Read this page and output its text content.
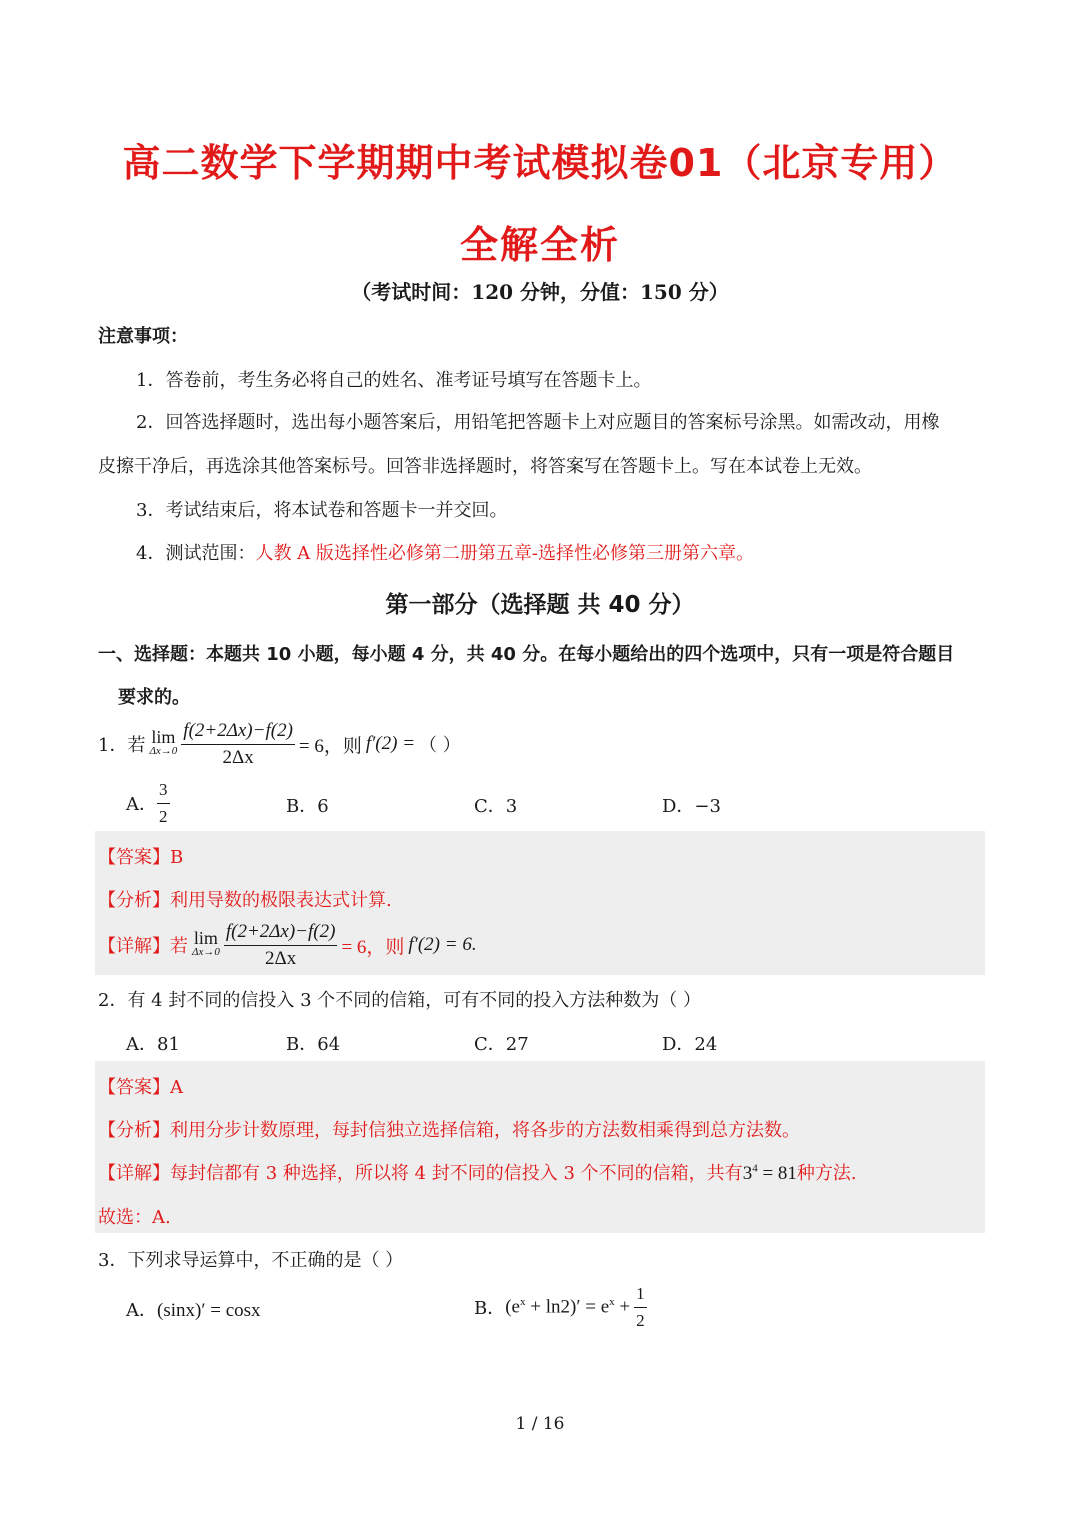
高二数学下学期期中考试模拟卷01（北京专用）
全解全析
（考试时间：120 分钟，分值：150 分）
注意事项：
1．答卷前，考生务必将自己的姓名、准考证号填写在答题卡上。
2．回答选择题时，选出每小题答案后，用铅笔把答题卡上对应题目的答案标号涂黑。如需改动，用橡
皮擦干净后，再选涂其他答案标号。回答非选择题时，将答案写在答题卡上。写在本试卷上无效。
3．考试结束后，将本试卷和答题卡一并交回。
4．测试范围：人教 A 版选择性必修第二册第五章-选择性必修第三册第六章。
第一部分（选择题 共 40 分）
一、选择题：本题共 10 小题，每小题 4 分，共 40 分。在每小题给出的四个选项中，只有一项是符合题目
要求的。
1．若 lim
$\Delta x\to 0 \frac{f(2+2\Delta x)-f(2)}{2\Delta x} = 6$，则 f′(2) = （ ）
A． $\frac{3}{2}$	B．6	C．3	D．−3
【答案】B
【分析】利用导数的极限表达式计算.
【详解】若 lim
$\Delta x\to 0 \frac{f(2+2\Delta x)-f(2)}{2\Delta x} = 6$，则 f′(2) = 6.
2．有 4 封不同的信投入 3 个不同的信箱，可有不同的投入方法种数为（ ）
A．81	B．64	C．27	D．24
【答案】A
【分析】利用分步计数原理，每封信独立选择信箱，将各步的方法数相乘得到总方法数。
【详解】每封信都有 3 种选择，所以将 4 封不同的信投入 3 个不同的信箱，共有$3^4 = 81$种方法.
故选：A.
3．下列求导运算中，不正确的是（ ）
A．(sinx)′ = cosx	B． $(e^x + \ln 2)' = e^x + \frac{1}{2}$
1 / 16
